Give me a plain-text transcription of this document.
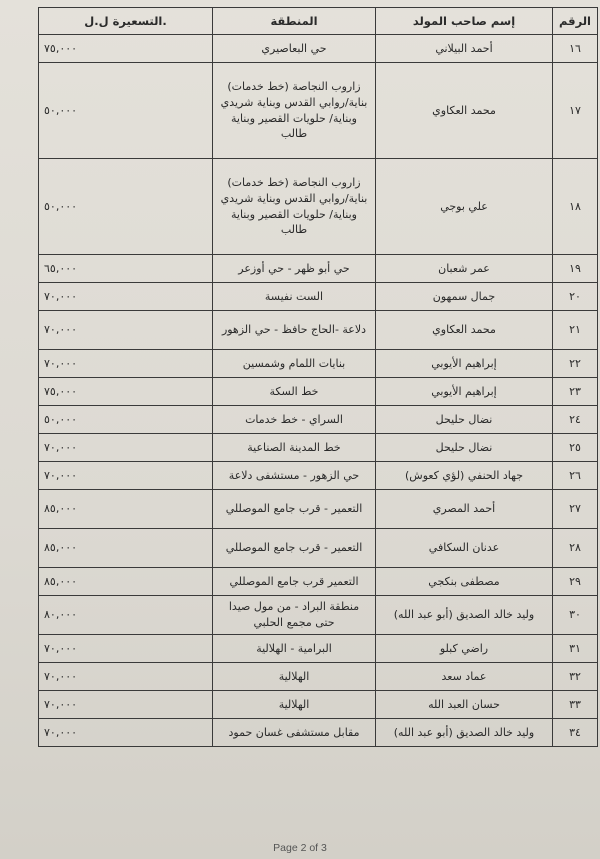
الرقم	إسم صاحب المولد	المنطقة	التسعيرة ل.ل.
١٦	أحمد البيلاني	حي البعاصيري	٧٥,٠٠٠
١٧	محمد العكاوي	زاروب النجاصة (خط خدمات) بناية/روابي القدس وبناية شريدي وبناية/ حلويات القصير وبناية طالب	٥٠,٠٠٠
١٨	علي بوجي	زاروب النجاصة (خط خدمات) بناية/روابي القدس وبناية شريدي وبناية/ حلويات القصير وبناية طالب	٥٠,٠٠٠
١٩	عمر شعبان	حي أبو ظهر - حي أوزعر	٦٥,٠٠٠
٢٠	جمال سمهون	الست نفيسة	٧٠,٠٠٠
٢١	محمد العكاوي	دلاعة -الحاج حافظ - حي الزهور	٧٠,٠٠٠
٢٢	إبراهيم الأيوبي	بنايات اللمام وشمسين	٧٠,٠٠٠
٢٣	إبراهيم الأيوبي	خط السكة	٧٥,٠٠٠
٢٤	نضال حليحل	السراي - خط خدمات	٥٠,٠٠٠
٢٥	نضال حليحل	خط المدينة الصناعية	٧٠,٠٠٠
٢٦	جهاد الحنفي (لؤي كعوش)	حي الزهور - مستشفى دلاعة	٧٠,٠٠٠
٢٧	أحمد المصري	التعمير - قرب جامع الموصللي	٨٥,٠٠٠
٢٨	عدنان السكافي	التعمير - قرب جامع الموصللي	٨٥,٠٠٠
٢٩	مصطفى بنكجي	التعمير قرب جامع الموصللي	٨٥,٠٠٠
٣٠	وليد خالد الصديق (أبو عبد الله)	منطقة البراد - من مول صيدا حتى مجمع الحلبي	٨٠,٠٠٠
٣١	راضي كبلو	البرامية - الهلالية	٧٠,٠٠٠
٣٢	عماد سعد	الهلالية	٧٠,٠٠٠
٣٣	حسان العبد الله	الهلالية	٧٠,٠٠٠
٣٤	وليد خالد الصديق (أبو عبد الله)	مقابل مستشفى غسان حمود	٧٠,٠٠٠
Page 2 of 3
